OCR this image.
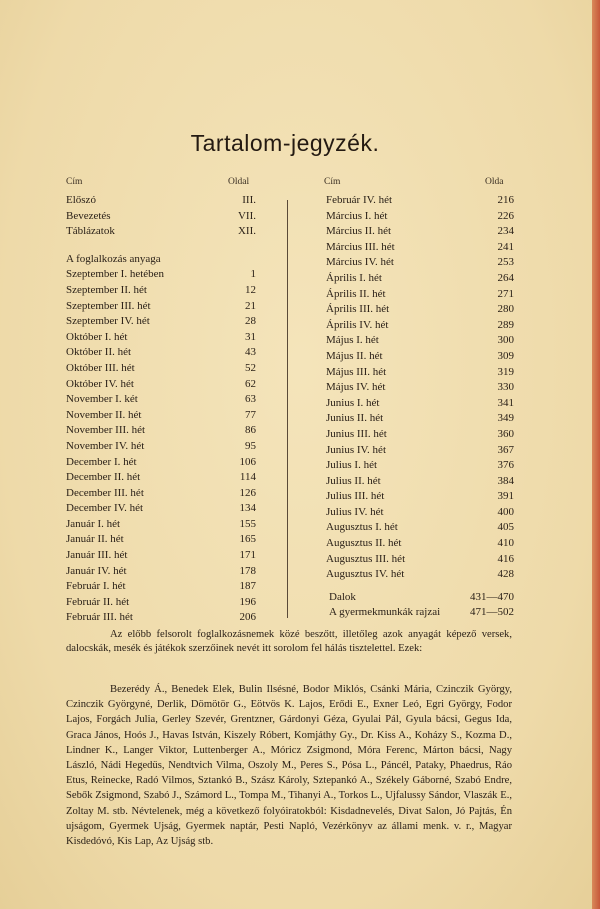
Tartalom-jegyzék.
Cím	Oldal	Cím	Olda
Előszó	III.
Bevezetés	VII.
Táblázatok	XII.
A foglalkozás anyaga
Szeptember I. hetében	1
Szeptember II. hét	12
Szeptember III. hét	21
Szeptember IV. hét	28
Október I. hét	31
Október II. hét	43
Október III. hét	52
Október IV. hét	62
November I. két	63
November II. hét	77
November III. hét	86
November IV. hét	95
December I. hét	106
December II. hét	114
December III. hét	126
December IV. hét	134
Január I. hét	155
Január II. hét	165
Január III. hét	171
Január IV. hét	178
Február I. hét	187
Február II. hét	196
Február III. hét	206
Február IV. hét	216
Március I. hét	226
Március II. hét	234
Március III. hét	241
Március IV. hét	253
Április I. hét	264
Április II. hét	271
Április III. hét	280
Április IV. hét	289
Május I. hét	300
Május II. hét	309
Május III. hét	319
Május IV. hét	330
Junius I. hét	341
Junius II. hét	349
Junius III. hét	360
Junius IV. hét	367
Julius I. hét	376
Julius II. hét	384
Julius III. hét	391
Julius IV. hét	400
Augusztus I. hét	405
Augusztus II. hét	410
Augusztus III. hét	416
Augusztus IV. hét	428
Dalok	431—470
A gyermekmunkák rajzai	471—502
Az előbb felsorolt foglalkozásnemek közé beszőtt, illetőleg azok anyagát képező versek, dalocskák, mesék és játékok szerzőinek nevét itt sorolom fel hálás tisztelettel. Ezek:
Bezerédy Á., Benedek Elek, Bulin Ilsésné, Bodor Miklós, Csánki Mária, Czinczik György, Czinczik Györgyné, Derlik, Dömötör G., Eötvös K. Lajos, Erődi E., Exner Leó, Egri György, Fodor Lajos, Forgách Julia, Gerley Szevér, Grentzner, Gárdonyi Géza, Gyulai Pál, Gyula bácsi, Gegus Ida, Graca János, Hoós J., Havas István, Kiszely Róbert, Komjáthy Gy., Dr. Kiss A., Koházy S., Kozma D., Lindner K., Langer Viktor, Luttenberger A., Móricz Zsigmond, Móra Ferenc, Márton bácsi, Nagy László, Nádi Hegedüs, Nendtvich Vilma, Oszoly M., Peres S., Pósa L., Páncél, Pataky, Phaedrus, Ráo Etus, Reinecke, Radó Vilmos, Sztankó B., Szász Károly, Sztepankó A., Székely Gáborné, Szabó Endre, Sebők Zsigmond, Szabó J., Számord L., Tompa M., Tihanyi A., Torkos L., Ujfalussy Sándor, Vlaszák E., Zoltay M. stb. Névtelenek, még a következő folyóiratokból: Kisdadnevelés, Divat Salon, Jó Pajtás, Én ujságom, Gyermek Ujság, Gyermek naptár, Pesti Napló, Vezérkönyv az állami menk. v. r., Magyar Kisdedóvó, Kis Lap, Az Ujság stb.
